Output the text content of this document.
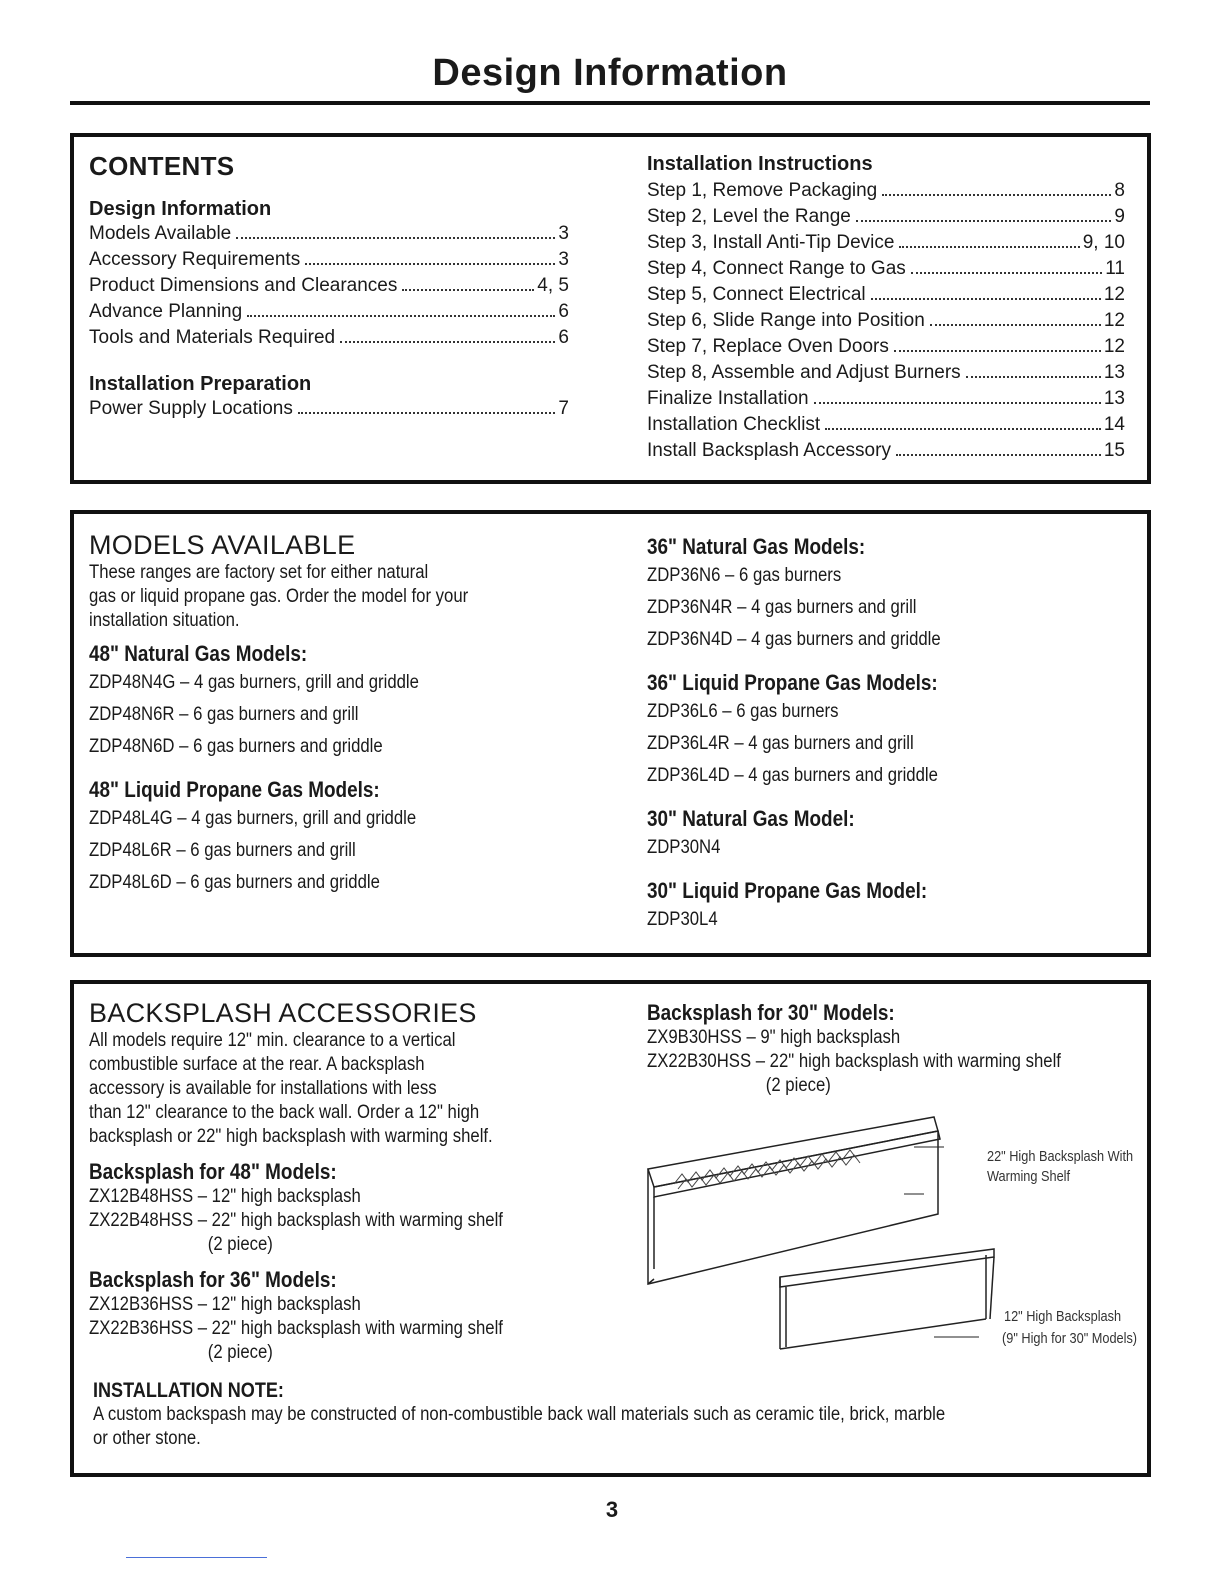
Design Information
CONTENTS
Design Information
Models Available	3
Accessory Requirements	3
Product Dimensions and Clearances	4, 5
Advance Planning	6
Tools and Materials Required	6
Installation Preparation
Power Supply Locations	7
Installation Instructions
Step 1, Remove Packaging	8
Step 2, Level the Range	9
Step 3, Install Anti-Tip Device	9, 10
Step 4, Connect Range to Gas	11
Step 5, Connect Electrical	12
Step 6, Slide Range into Position	12
Step 7, Replace Oven Doors	12
Step 8, Assemble and Adjust Burners	13
Finalize Installation	13
Installation Checklist	14
Install Backsplash Accessory	15
MODELS AVAILABLE
These ranges are factory set for either natural
gas or liquid propane gas. Order the model for your
installation situation.
48" Natural Gas Models:
ZDP48N4G – 4 gas burners, grill and griddle
ZDP48N6R – 6 gas burners and grill
ZDP48N6D – 6 gas burners and griddle
48" Liquid Propane Gas Models:
ZDP48L4G – 4 gas burners, grill and griddle
ZDP48L6R – 6 gas burners and grill
ZDP48L6D – 6 gas burners and griddle
36" Natural Gas Models:
ZDP36N6 – 6 gas burners
ZDP36N4R – 4 gas burners and grill
ZDP36N4D – 4 gas burners and griddle
36" Liquid Propane Gas Models:
ZDP36L6 – 6 gas burners
ZDP36L4R – 4 gas burners and grill
ZDP36L4D – 4 gas burners and griddle
30" Natural Gas Model:
ZDP30N4
30" Liquid Propane Gas Model:
ZDP30L4
BACKSPLASH ACCESSORIES
All models require 12" min. clearance to a vertical
combustible surface at the rear. A backsplash
accessory is available for installations with less
than 12" clearance to the back wall. Order a 12" high
backsplash or 22" high backsplash with warming shelf.
Backsplash for 48" Models:
ZX12B48HSS – 12" high backsplash
ZX22B48HSS – 22" high backsplash with warming shelf
(2 piece)
Backsplash for 36" Models:
ZX12B36HSS – 12" high backsplash
ZX22B36HSS – 22" high backsplash with warming shelf
(2 piece)
Backsplash for 30" Models:
ZX9B30HSS – 9" high backsplash
ZX22B30HSS – 22" high backsplash with warming shelf
(2 piece)
22" High Backsplash With
Warming Shelf
12" High Backsplash
(9" High for 30" Models)
INSTALLATION NOTE:
A custom backspash may be constructed of non-combustible back wall materials such as ceramic tile, brick, marble
or other stone.
3
